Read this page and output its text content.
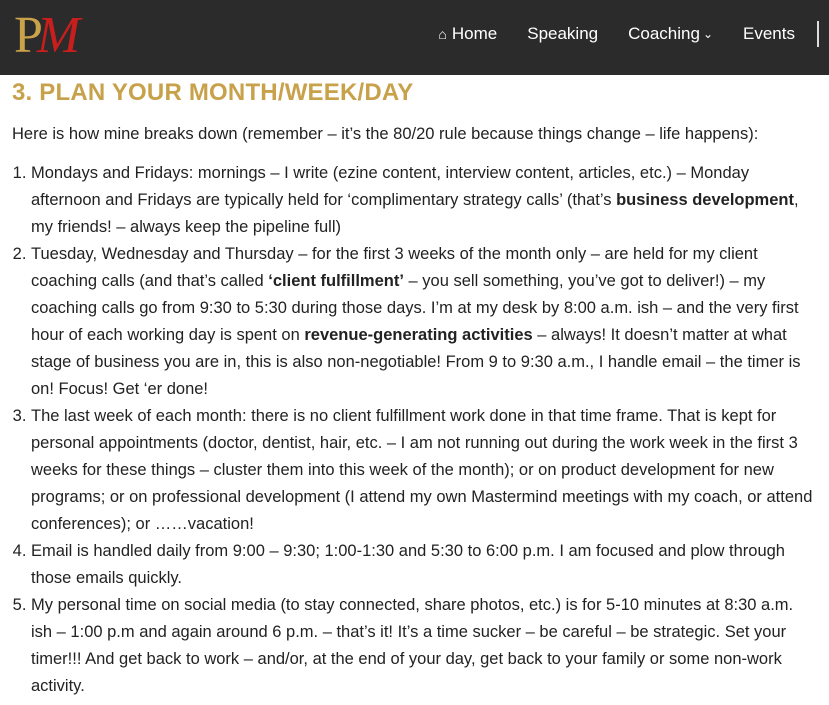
P
M	⌂ Home Speaking Coaching ⌄ Events
3. PLAN YOUR MONTH/WEEK/DAY

Here is how mine breaks down (remember – it’s the 80/20 rule because things change – life happens):

1. Mondays and Fridays: mornings – I write (ezine content, interview content, articles, etc.) – Monday afternoon and Fridays are typically held for ‘complimentary strategy calls’ (that’s business development, my friends! – always keep the pipeline full)
2. Tuesday, Wednesday and Thursday – for the first 3 weeks of the month only – are held for my client coaching calls (and that’s called ‘client fulfillment’ – you sell something, you’ve got to deliver!) – my coaching calls go from 9:30 to 5:30 during those days. I’m at my desk by 8:00 a.m. ish – and the very first hour of each working day is spent on revenue-generating activities – always! It doesn’t matter at what stage of business you are in, this is also non-negotiable! From 9 to 9:30 a.m., I handle email – the timer is on! Focus! Get ‘er done!
3. The last week of each month: there is no client fulfillment work done in that time frame. That is kept for personal appointments (doctor, dentist, hair, etc. – I am not running out during the work week in the first 3 weeks for these things – cluster them into this week of the month); or on product development for new programs; or on professional development (I attend my own Mastermind meetings with my coach, or attend conferences); or ……vacation!
4. Email is handled daily from 9:00 – 9:30; 1:00-1:30 and 5:30 to 6:00 p.m. I am focused and plow through those emails quickly.
5. My personal time on social media (to stay connected, share photos, etc.) is for 5-10 minutes at 8:30 a.m. ish – 1:00 p.m and again around 6 p.m. – that’s it! It’s a time sucker – be careful – be strategic. Set your timer!!! And get back to work – and/or, at the end of your day, get back to your family or some non-work activity.
